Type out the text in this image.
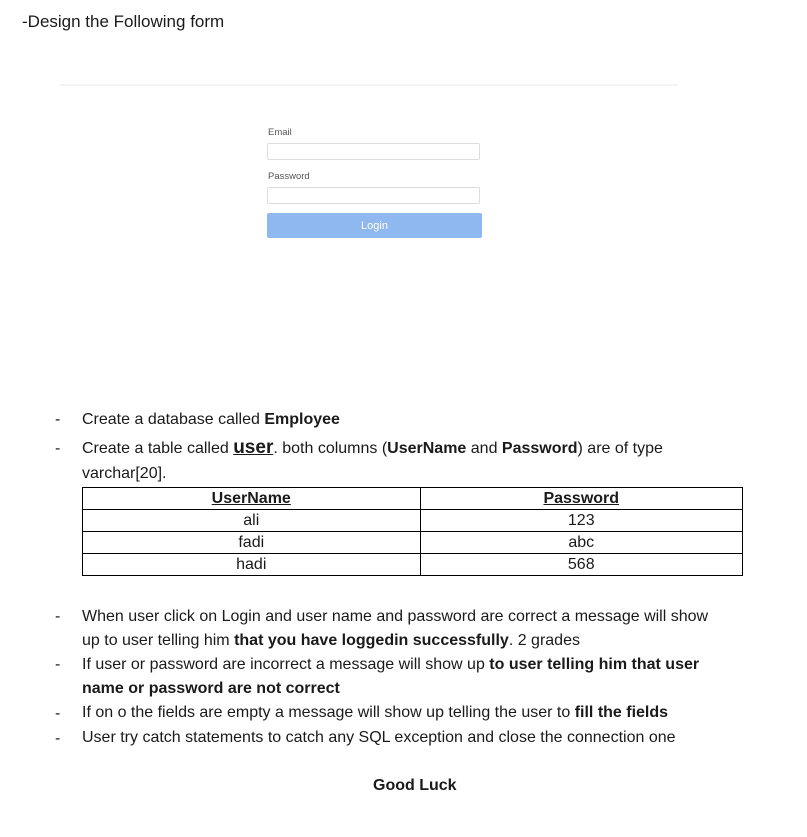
-Design the Following form
Email
Password
Login
- Create a database called Employee
- Create a table called user. both columns (UserName and Password) are of type
varchar[20].
UserName	Password
ali	123
fadi	abc
hadi	568
- When user click on Login and user name and password are correct a message will show
up to user telling him that you have loggedin successfully. 2 grades
- If user or password are incorrect a message will show up to user telling him that user
name or password are not correct
- If on o the fields are empty a message will show up telling the user to fill the fields
- User try catch statements to catch any SQL exception and close the connection one
Good Luck
